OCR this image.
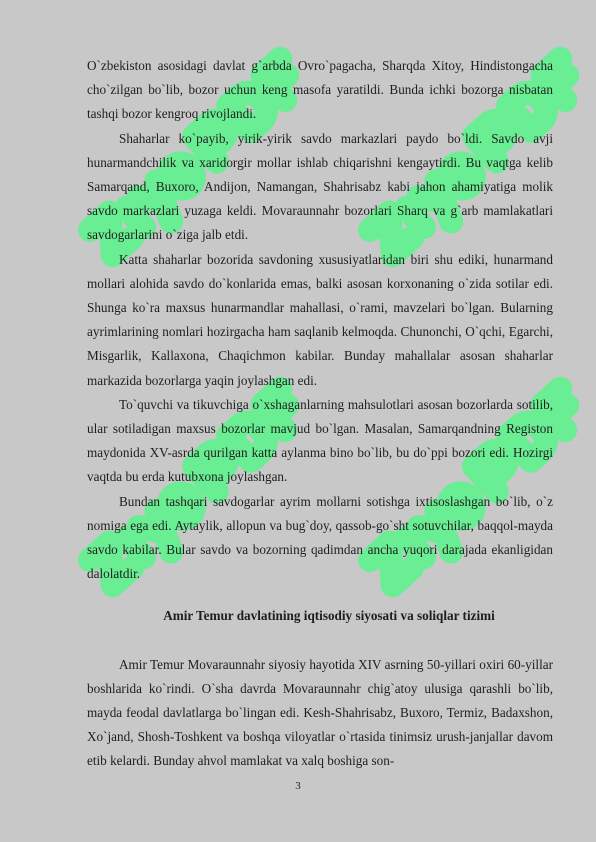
O`zbekiston asosidagi davlat g`arbda Ovro`pagacha, Sharqda Xitoy, Hindistongacha cho`zilgan bo`lib, bozor uchun keng masofa yaratildi. Bunda ichki bozorga nisbatan tashqi bozor kengroq rivojlandi.

Shaharlar ko`payib, yirik-yirik savdo markazlari paydo bo`ldi. Savdo avji hunarmandchilik va xaridorgir mollar ishlab chiqarishni kengaytirdi. Bu vaqtga kelib Samarqand, Buxoro, Andijon, Namangan, Shahrisabz kabi jahon ahamiyatiga molik savdo markazlari yuzaga keldi. Movaraunnahr bozorlari Sharq va g`arb mamlakatlari savdogarlarini o`ziga jalb etdi.

Katta shaharlar bozorida savdoning xususiyatlaridan biri shu ediki, hunarmand mollari alohida savdo do`konlarida emas, balki asosan korxonaning o`zida sotilar edi. Shunga ko`ra maxsus hunarmandlar mahallasi, o`rami, mavzelari bo`lgan. Bularning ayrimlarining nomlari hozirgacha ham saqlanib kelmoqda. Chunonchi, O`qchi, Egarchi, Misgarlik, Kallaxona, Chaqichmon kabilar. Bunday mahallalar asosan shaharlar markazida bozorlarga yaqin joylashgan edi.

To`quvchi va tikuvchiga o`xshaganlarning mahsulotlari asosan bozorlarda sotilib, ular sotiladigan maxsus bozorlar mavjud bo`lgan. Masalan, Samarqandning Registon maydonida XV-asrda qurilgan katta aylanma bino bo`lib, bu do`ppi bozori edi. Hozirgi vaqtda bu erda kutubxona joylashgan.

Bundan tashqari savdogarlar ayrim mollarni sotishga ixtisoslashgan bo`lib, o`z nomiga ega edi. Aytaylik, allopun va bug`doy, qassob-go`sht sotuvchilar, baqqol-mayda savdo kabilar. Bular savdo va bozorning qadimdan ancha yuqori darajada ekanligidan dalolatdir.

Amir Temur davlatining iqtisodiy siyosati va soliqlar tizimi

Amir Temur Movaraunnahr siyosiy hayotida XIV asrning 50-yillari oxiri 60-yillar boshlarida ko`rindi. O`sha davrda Movaraunnahr chig`atoy ulusiga qarashli bo`lib, mayda feodal davlatlarga bo`lingan edi. Kesh-Shahrisabz, Buxoro, Termiz, Badaxshon, Xo`jand, Shosh-Toshkent va boshqa viloyatlar o`rtasida tinimsiz urush-janjallar davom etib kelardi. Bunday ahvol mamlakat va xalq boshiga son-

3
